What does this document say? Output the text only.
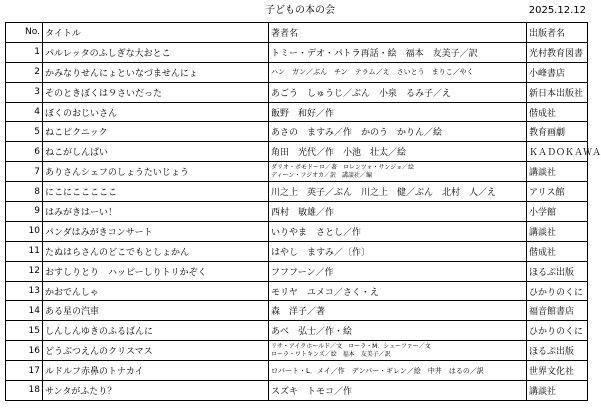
子どもの本の会	2025.12.12
No.	タイトル	著者名	出版者名
1	パルレッタのふしぎな大おとこ	トミー・デオ・パトラ再話・絵　福本　友美子／訳	光村教育図書
2	かみなりせんにょといなづませんにょ	ハン　ガン／ぶん　チン　テラム／え　さいとう　まりこ／やく	小峰書店
3	そのときぼくは９さいだった	あごう　しゅうじ／ぶん　小泉　るみ子／え	新日本出版社
4	ぼくのおじいさん	飯野　和好／作	偕成社
5	ねこピクニック	あさの　ますみ／作　かのう　かりん／絵	教育画劇
6	ねこがしんぱい	角田　光代／作　小池　壮太／絵	ＫＡＤＯＫＡＷＡ
7	ありさんシェフのしょうたいじょう	ダリオ・ポモドーロ／著　ロレンツォ・サンジョ／絵
ディーン・フジオカ／訳　講談社／編	講談社
8	にこにこここここ	川之上　英子／ぶん　川之上　健／ぶん　北村　人／え	アリス館
9	はみがきはーい！	西村　敏雄／作	小学館
10	パンダはみがきコンサート	いりやま　さとし／作	講談社
11	たぬはらさんのどこでもとしょかん	はやし　ますみ／〔作〕	偕成社
12	おすしりとり　ハッピーしりトリかぞく	フフフーン／作	ほるぷ出版
13	かおでんしゃ	モリヤ　ユメコ／さく・え	ひかりのくに
14	ある星の汽車	森　洋子／著	福音館書店
15	しんしんゆきのふるばんに	あべ　弘士／作・絵	ひかりのくに
16	どうぶつえんのクリスマス	リサ・アイクホールド／文　ローラ・M．シェーファー／文
ローラ・ワトキンズ／絵　福本　友美子／訳	ほるぷ出版
17	ルドルフ赤鼻のトナカイ	ロバート・L．メイ／作　デンバー・ギレン／絵　中井　はるの／訳	世界文化社
18	サンタがふたり？	スズキ　トモコ／作	講談社
